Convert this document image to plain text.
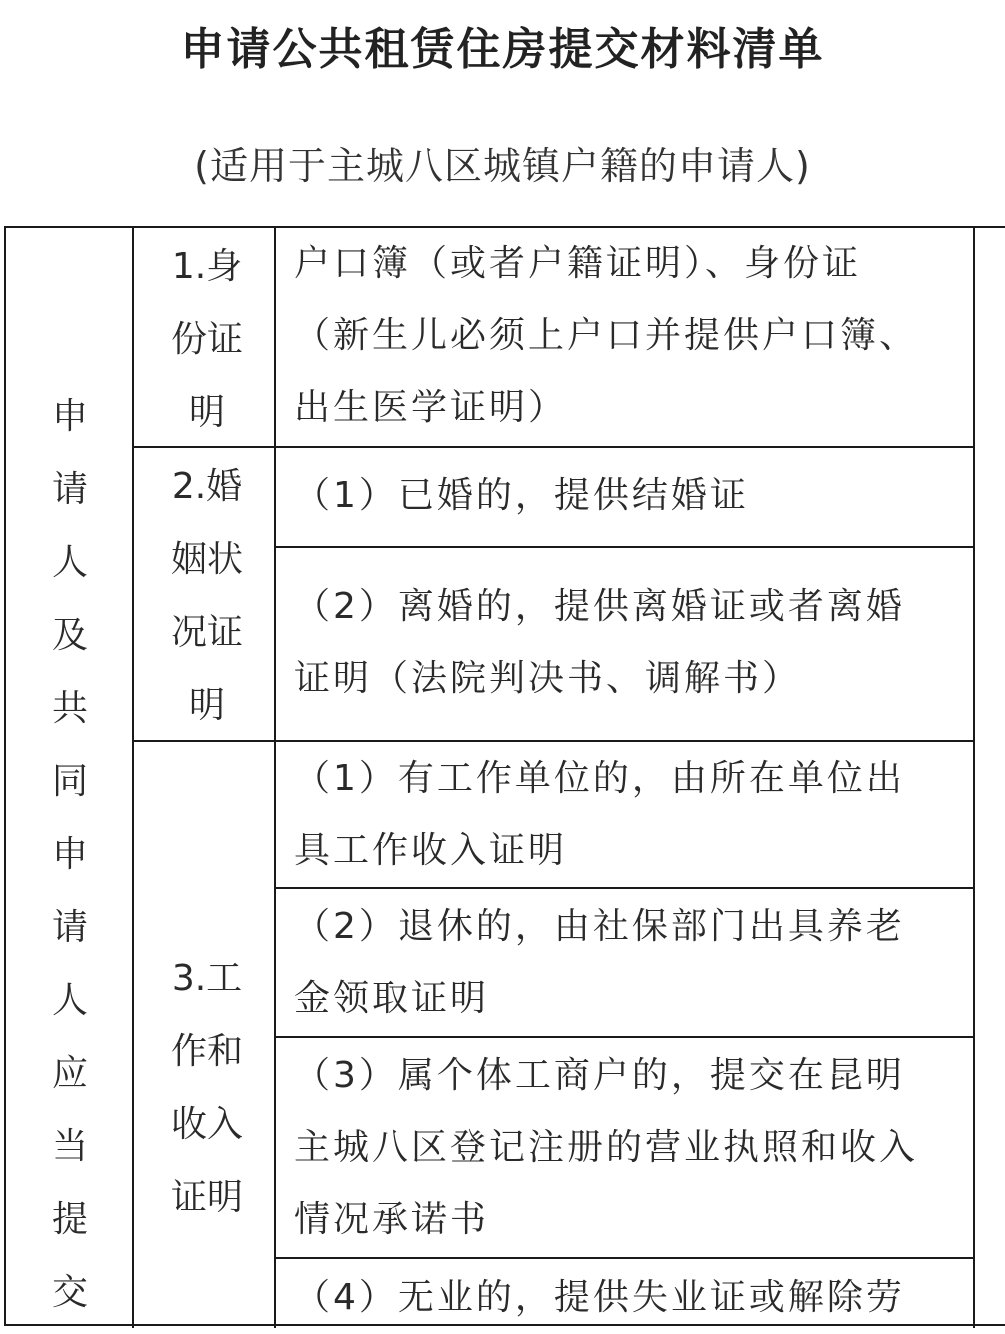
申请公共租赁住房提交材料清单
(适用于主城八区城镇户籍的申请人)
申
请
人
及
共
同
申
请
人
应
当
提
交
1.身
份证
明
2.婚
姻状
况证
明
3.工
作和
收入
证明
户口簿（或者户籍证明）、身份证
（新生儿必须上户口并提供户口簿、
出生医学证明）
（1）已婚的，提供结婚证
（2）离婚的，提供离婚证或者离婚
证明（法院判决书、调解书）
（1）有工作单位的，由所在单位出
具工作收入证明
（2）退休的，由社保部门出具养老
金领取证明
（3）属个体工商户的，提交在昆明
主城八区登记注册的营业执照和收入
情况承诺书
（4）无业的，提供失业证或解除劳
